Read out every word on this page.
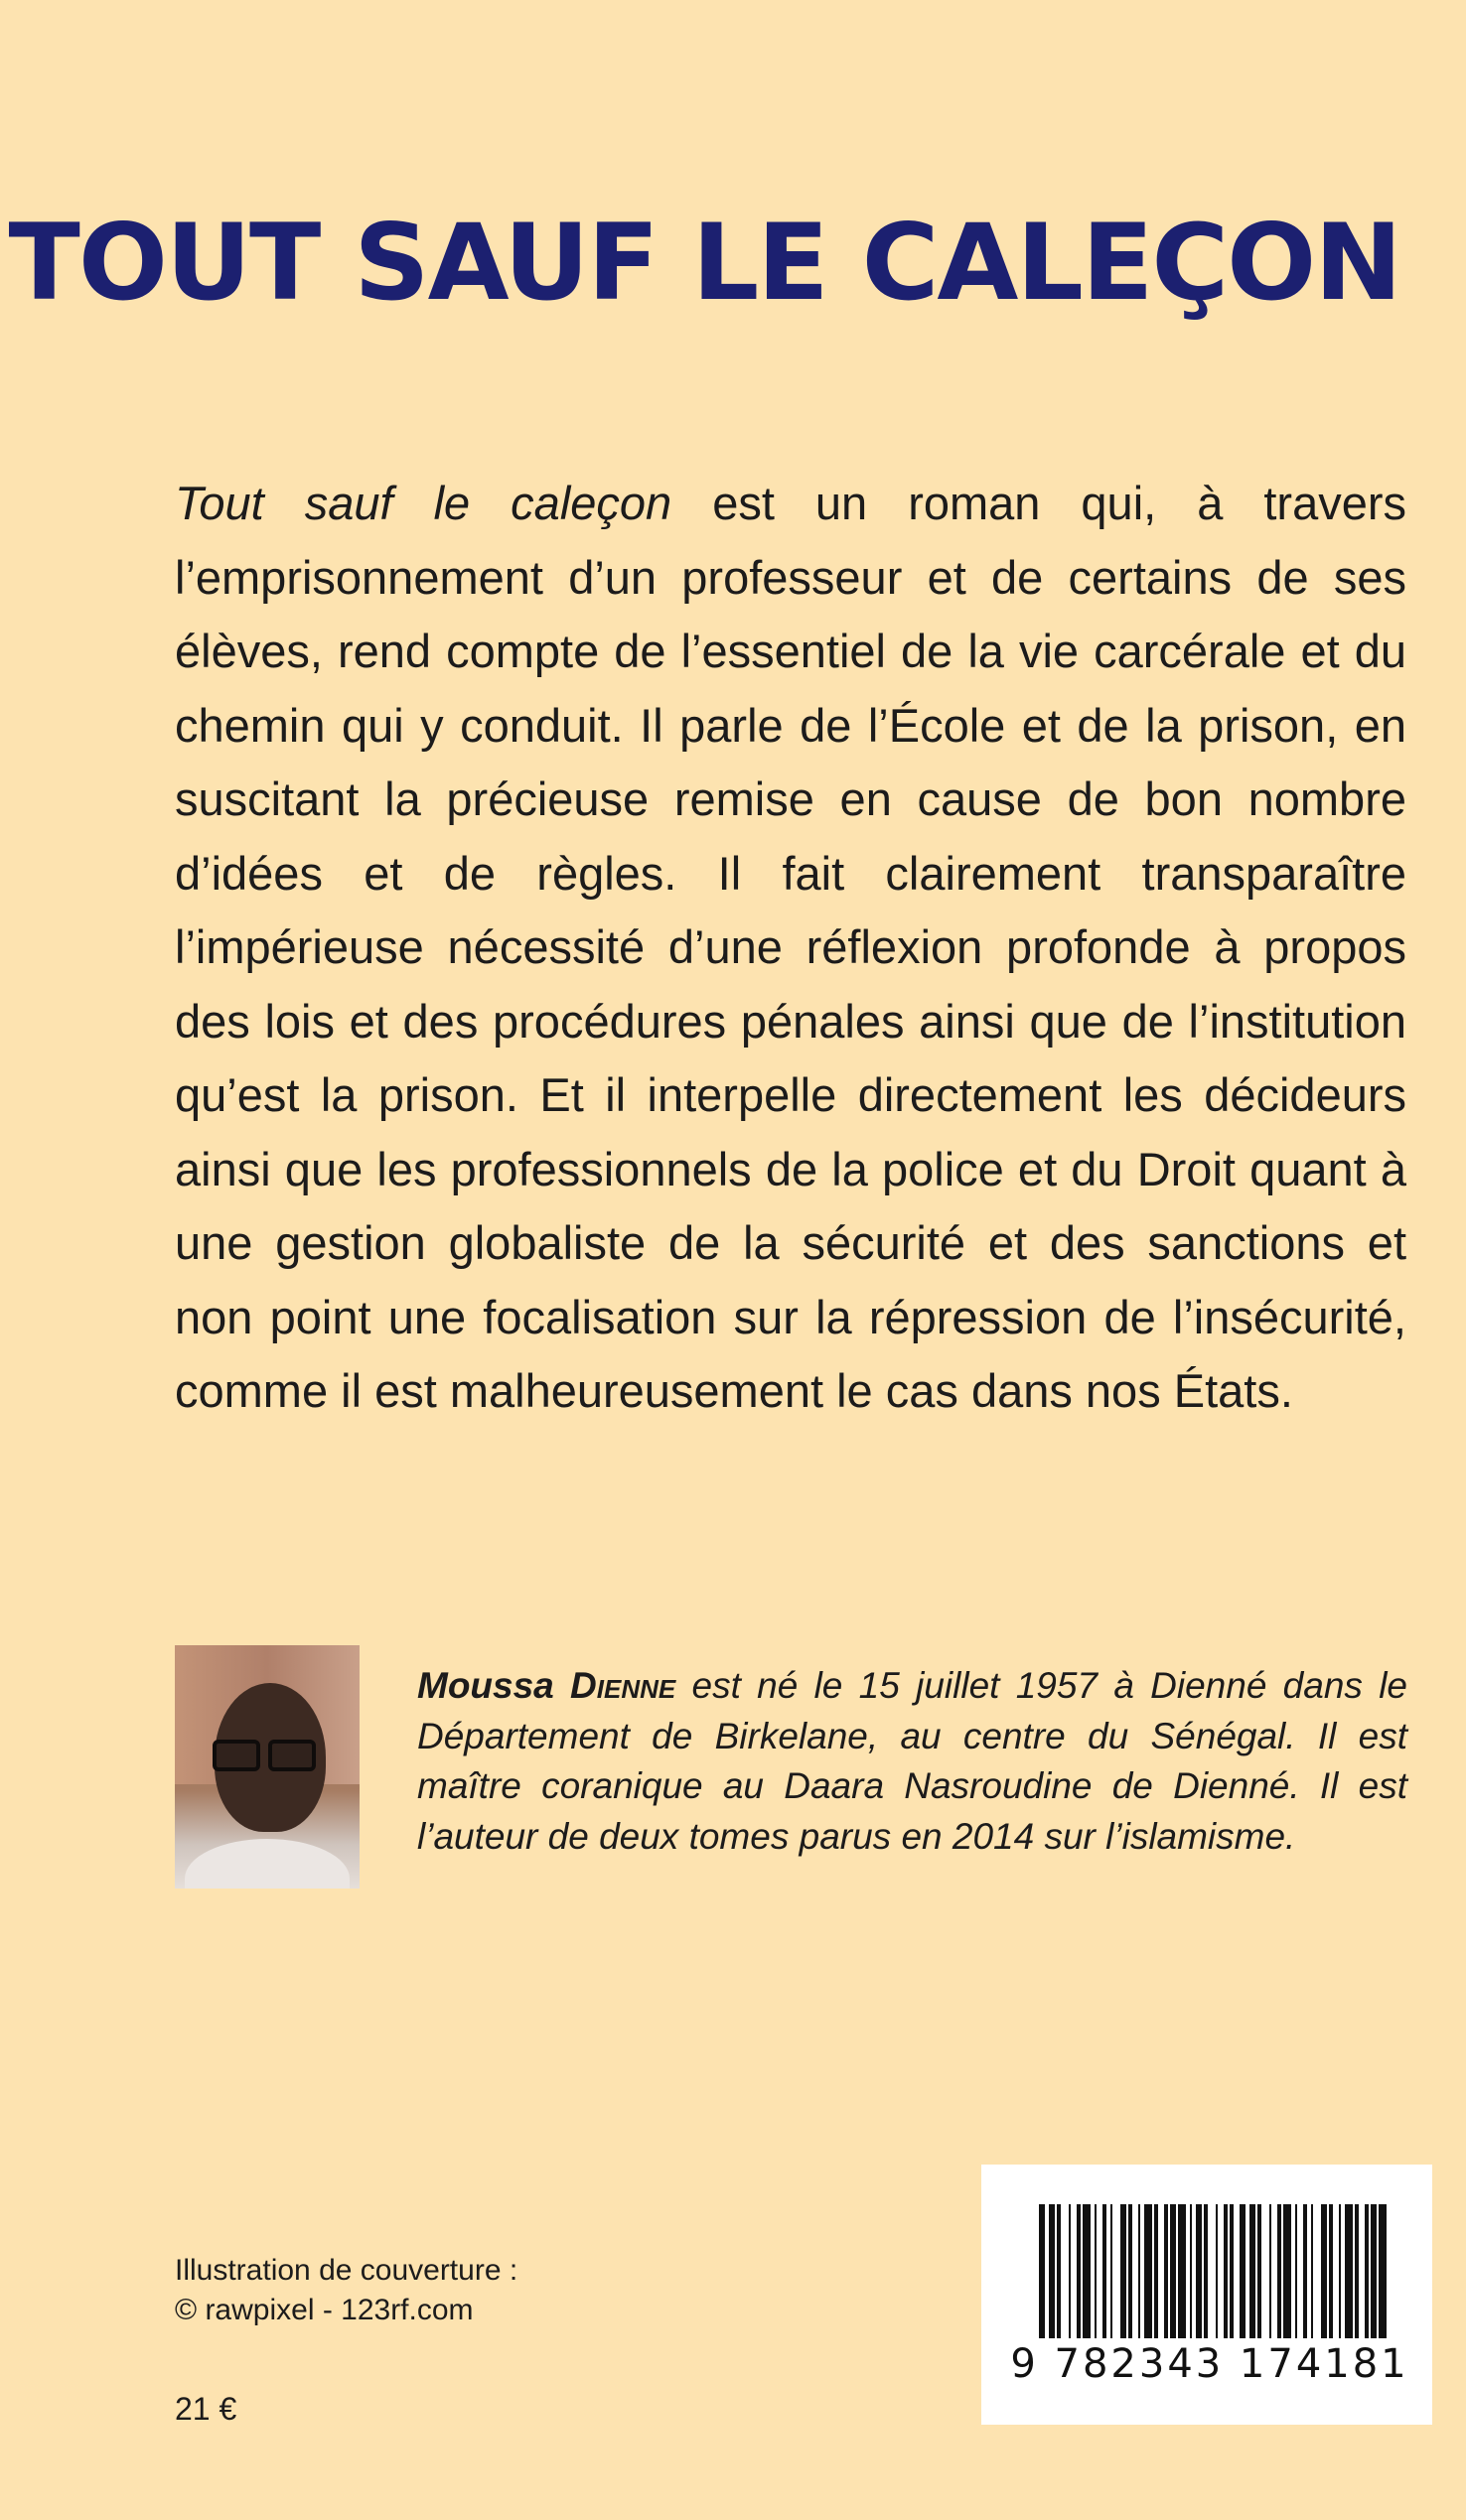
TOUT SAUF LE CALEÇON

Tout sauf le caleçon est un roman qui, à travers l’emprisonnement d’un professeur et de certains de ses élèves, rend compte de l’essentiel de la vie carcérale et du chemin qui y conduit. Il parle de l’École et de la prison, en suscitant la précieuse remise en cause de bon nombre d’idées et de règles. Il fait clairement transparaître l’impérieuse nécessité d’une réflexion profonde à propos des lois et des procédures pénales ainsi que de l’institution qu’est la prison. Et il interpelle directement les décideurs ainsi que les professionnels de la police et du Droit quant à une gestion globaliste de la sécurité et des sanctions et non point une focalisation sur la répression de l’insécurité, comme il est malheureusement le cas dans nos États.

Moussa Dienne est né le 15 juillet 1957 à Dienné dans le Département de Birkelane, au centre du Sénégal. Il est maître coranique au Daara Nasroudine de Dienné. Il est l’auteur de deux tomes parus en 2014 sur l’islamisme.

Illustration de couverture :
© rawpixel - 123rf.com

21 €

9 782343 174181
